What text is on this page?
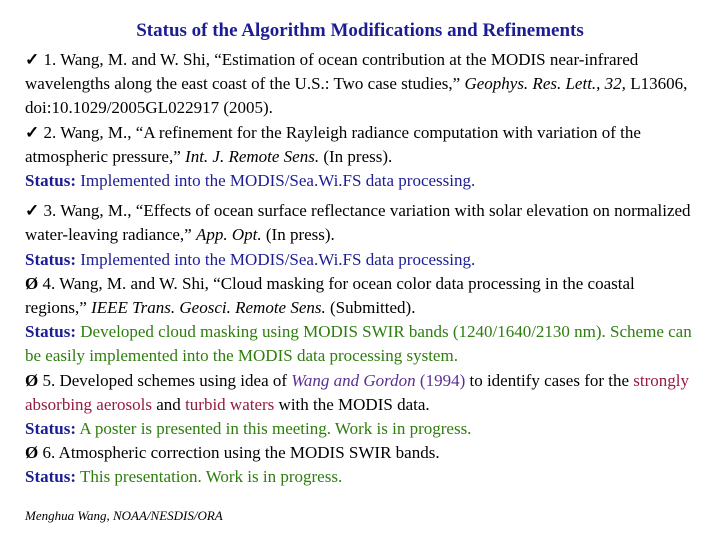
Status of the Algorithm Modifications and Refinements

✓ 1. Wang, M. and W. Shi, “Estimation of ocean contribution at the MODIS near-infrared wavelengths along the east coast of the U.S.: Two case studies,” Geophys. Res. Lett., 32, L13606, doi:10.1029/2005GL022917 (2005).

✓ 2. Wang, M., “A refinement for the Rayleigh radiance computation with variation of the atmospheric pressure,” Int. J. Remote Sens. (In press).

Status: Implemented into the MODIS/Sea.Wi.FS data processing.

✓ 3. Wang, M., “Effects of ocean surface reflectance variation with solar elevation on normalized water-leaving radiance,” App. Opt. (In press).

Status: Implemented into the MODIS/Sea.Wi.FS data processing.

Ø 4. Wang, M. and W. Shi, “Cloud masking for ocean color data processing in the coastal regions,” IEEE Trans. Geosci. Remote Sens. (Submitted).

Status: Developed cloud masking using MODIS SWIR bands (1240/1640/2130 nm). Scheme can be easily implemented into the MODIS data processing system.

Ø 5. Developed schemes using idea of Wang and Gordon (1994) to identify cases for the strongly absorbing aerosols and turbid waters with the MODIS data.

Status: A poster is presented in this meeting. Work is in progress.

Ø 6. Atmospheric correction using the MODIS SWIR bands.

Status: This presentation. Work is in progress.

Menghua Wang, NOAA/NESDIS/ORA
